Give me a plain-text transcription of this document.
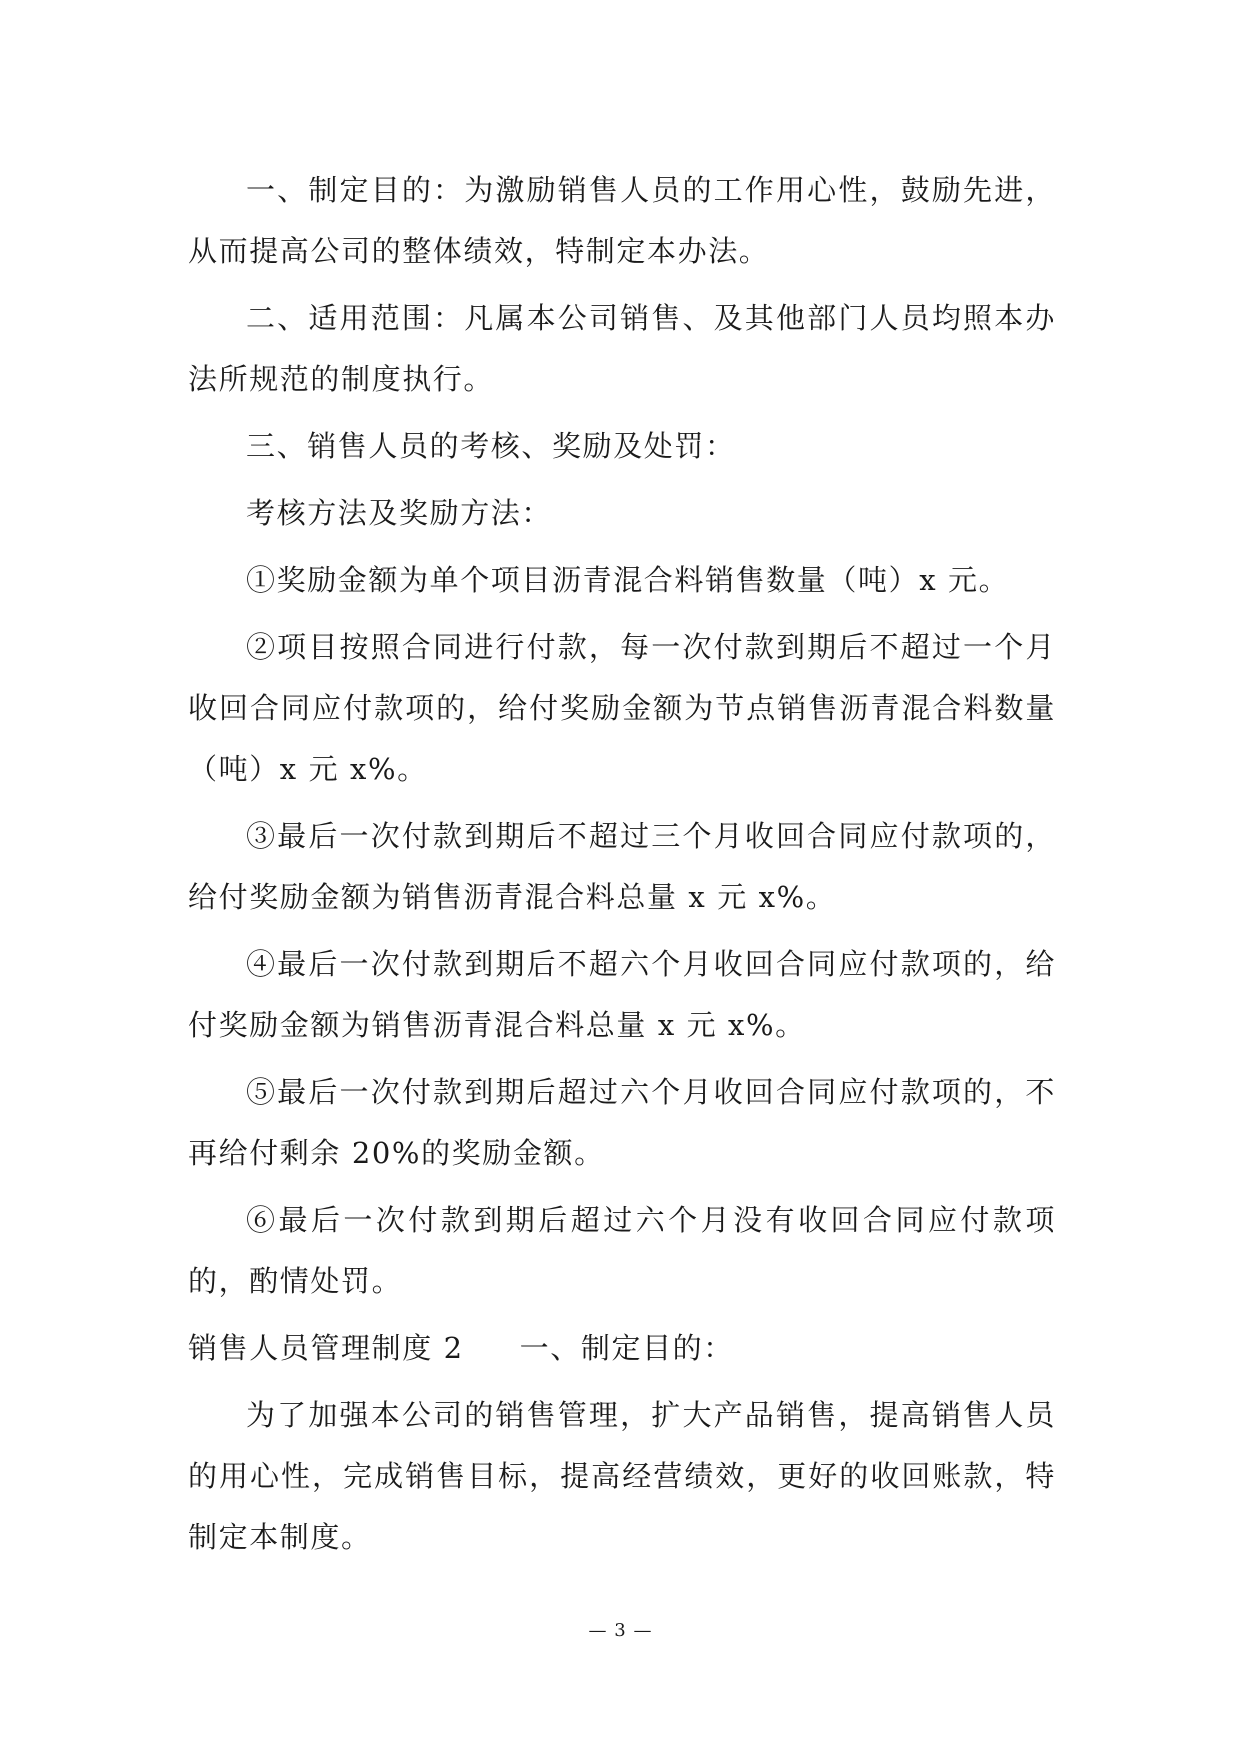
一、制定目的：为激励销售人员的工作用心性，鼓励先进，从而提高公司的整体绩效，特制定本办法。

二、适用范围：凡属本公司销售、及其他部门人员均照本办法所规范的制度执行。

三、销售人员的考核、奖励及处罚：

考核方法及奖励方法：

①奖励金额为单个项目沥青混合料销售数量（吨）x 元。

②项目按照合同进行付款，每一次付款到期后不超过一个月收回合同应付款项的，给付奖励金额为节点销售沥青混合料数量（吨）x 元 x%。

③最后一次付款到期后不超过三个月收回合同应付款项的，给付奖励金额为销售沥青混合料总量 x 元 x%。

④最后一次付款到期后不超六个月收回合同应付款项的，给付奖励金额为销售沥青混合料总量 x 元 x%。

⑤最后一次付款到期后超过六个月收回合同应付款项的，不再给付剩余 20%的奖励金额。

⑥最后一次付款到期后超过六个月没有收回合同应付款项的，酌情处罚。

销售人员管理制度 2 一、制定目的：

为了加强本公司的销售管理，扩大产品销售，提高销售人员的用心性，完成销售目标，提高经营绩效，更好的收回账款，特制定本制度。

— 3 —
